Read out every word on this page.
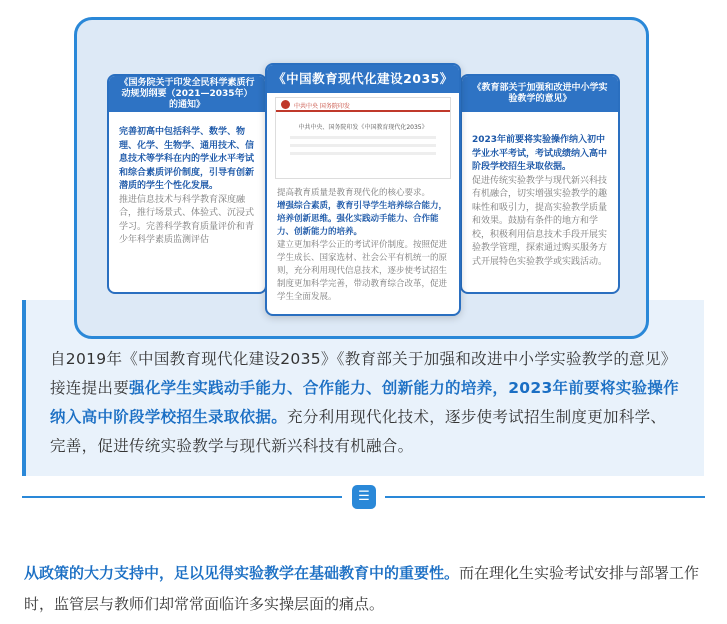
自2019年《中国教育现代化建设2035》《教育部关于加强和改进中小学实验教学的意见》接连提出要强化学生实践动手能力、合作能力、创新能力的培养，2023年前要将实验操作纳入高中阶段学校招生录取依据。充分利用现代化技术，逐步使考试招生制度更加科学、完善，促进传统实验教学与现代新兴科技有机融合。
《国务院关于印发全民科学素质行动规划纲要（2021—2035年）的通知》
完善初高中包括科学、数学、物理、化学、生物学、通用技术、信息技术等学科在内的学业水平考试和综合素质评价制度，引导有创新潜质的学生个性化发展。
推进信息技术与科学教育深度融合，推行场景式、体验式、沉浸式学习。完善科学教育质量评价和青少年科学素质监测评估
《教育部关于加强和改进中小学实验教学的意见》
2023年前要将实验操作纳入初中学业水平考试，考试成绩纳入高中阶段学校招生录取依据。
促进传统实验教学与现代新兴科技有机融合，切实增强实验教学的趣味性和吸引力，提高实验教学质量和效果。鼓励有条件的地方和学校，积极利用信息技术手段开展实验教学管理，探索通过购买服务方式开展特色实验教学或实践活动。
《中国教育现代化建设2035》
中共中央 国务院印发
中共中央、国务院印发《中国教育现代化2035》
提高教育质量是教育现代化的核心要求。
增强综合素质，教育引导学生培养综合能力，培养创新思维。强化实践动手能力、合作能力、创新能力的培养。
建立更加科学公正的考试评价制度。按照促进学生成长、国家选材、社会公平有机统一的原则，充分利用现代信息技术，逐步使考试招生制度更加科学完善，带动教育综合改革，促进学生全面发展。
☰
从政策的大力支持中，足以见得实验教学在基础教育中的重要性。而在理化生实验考试安排与部署工作时，监管层与教师们却常常面临许多实操层面的痛点。
